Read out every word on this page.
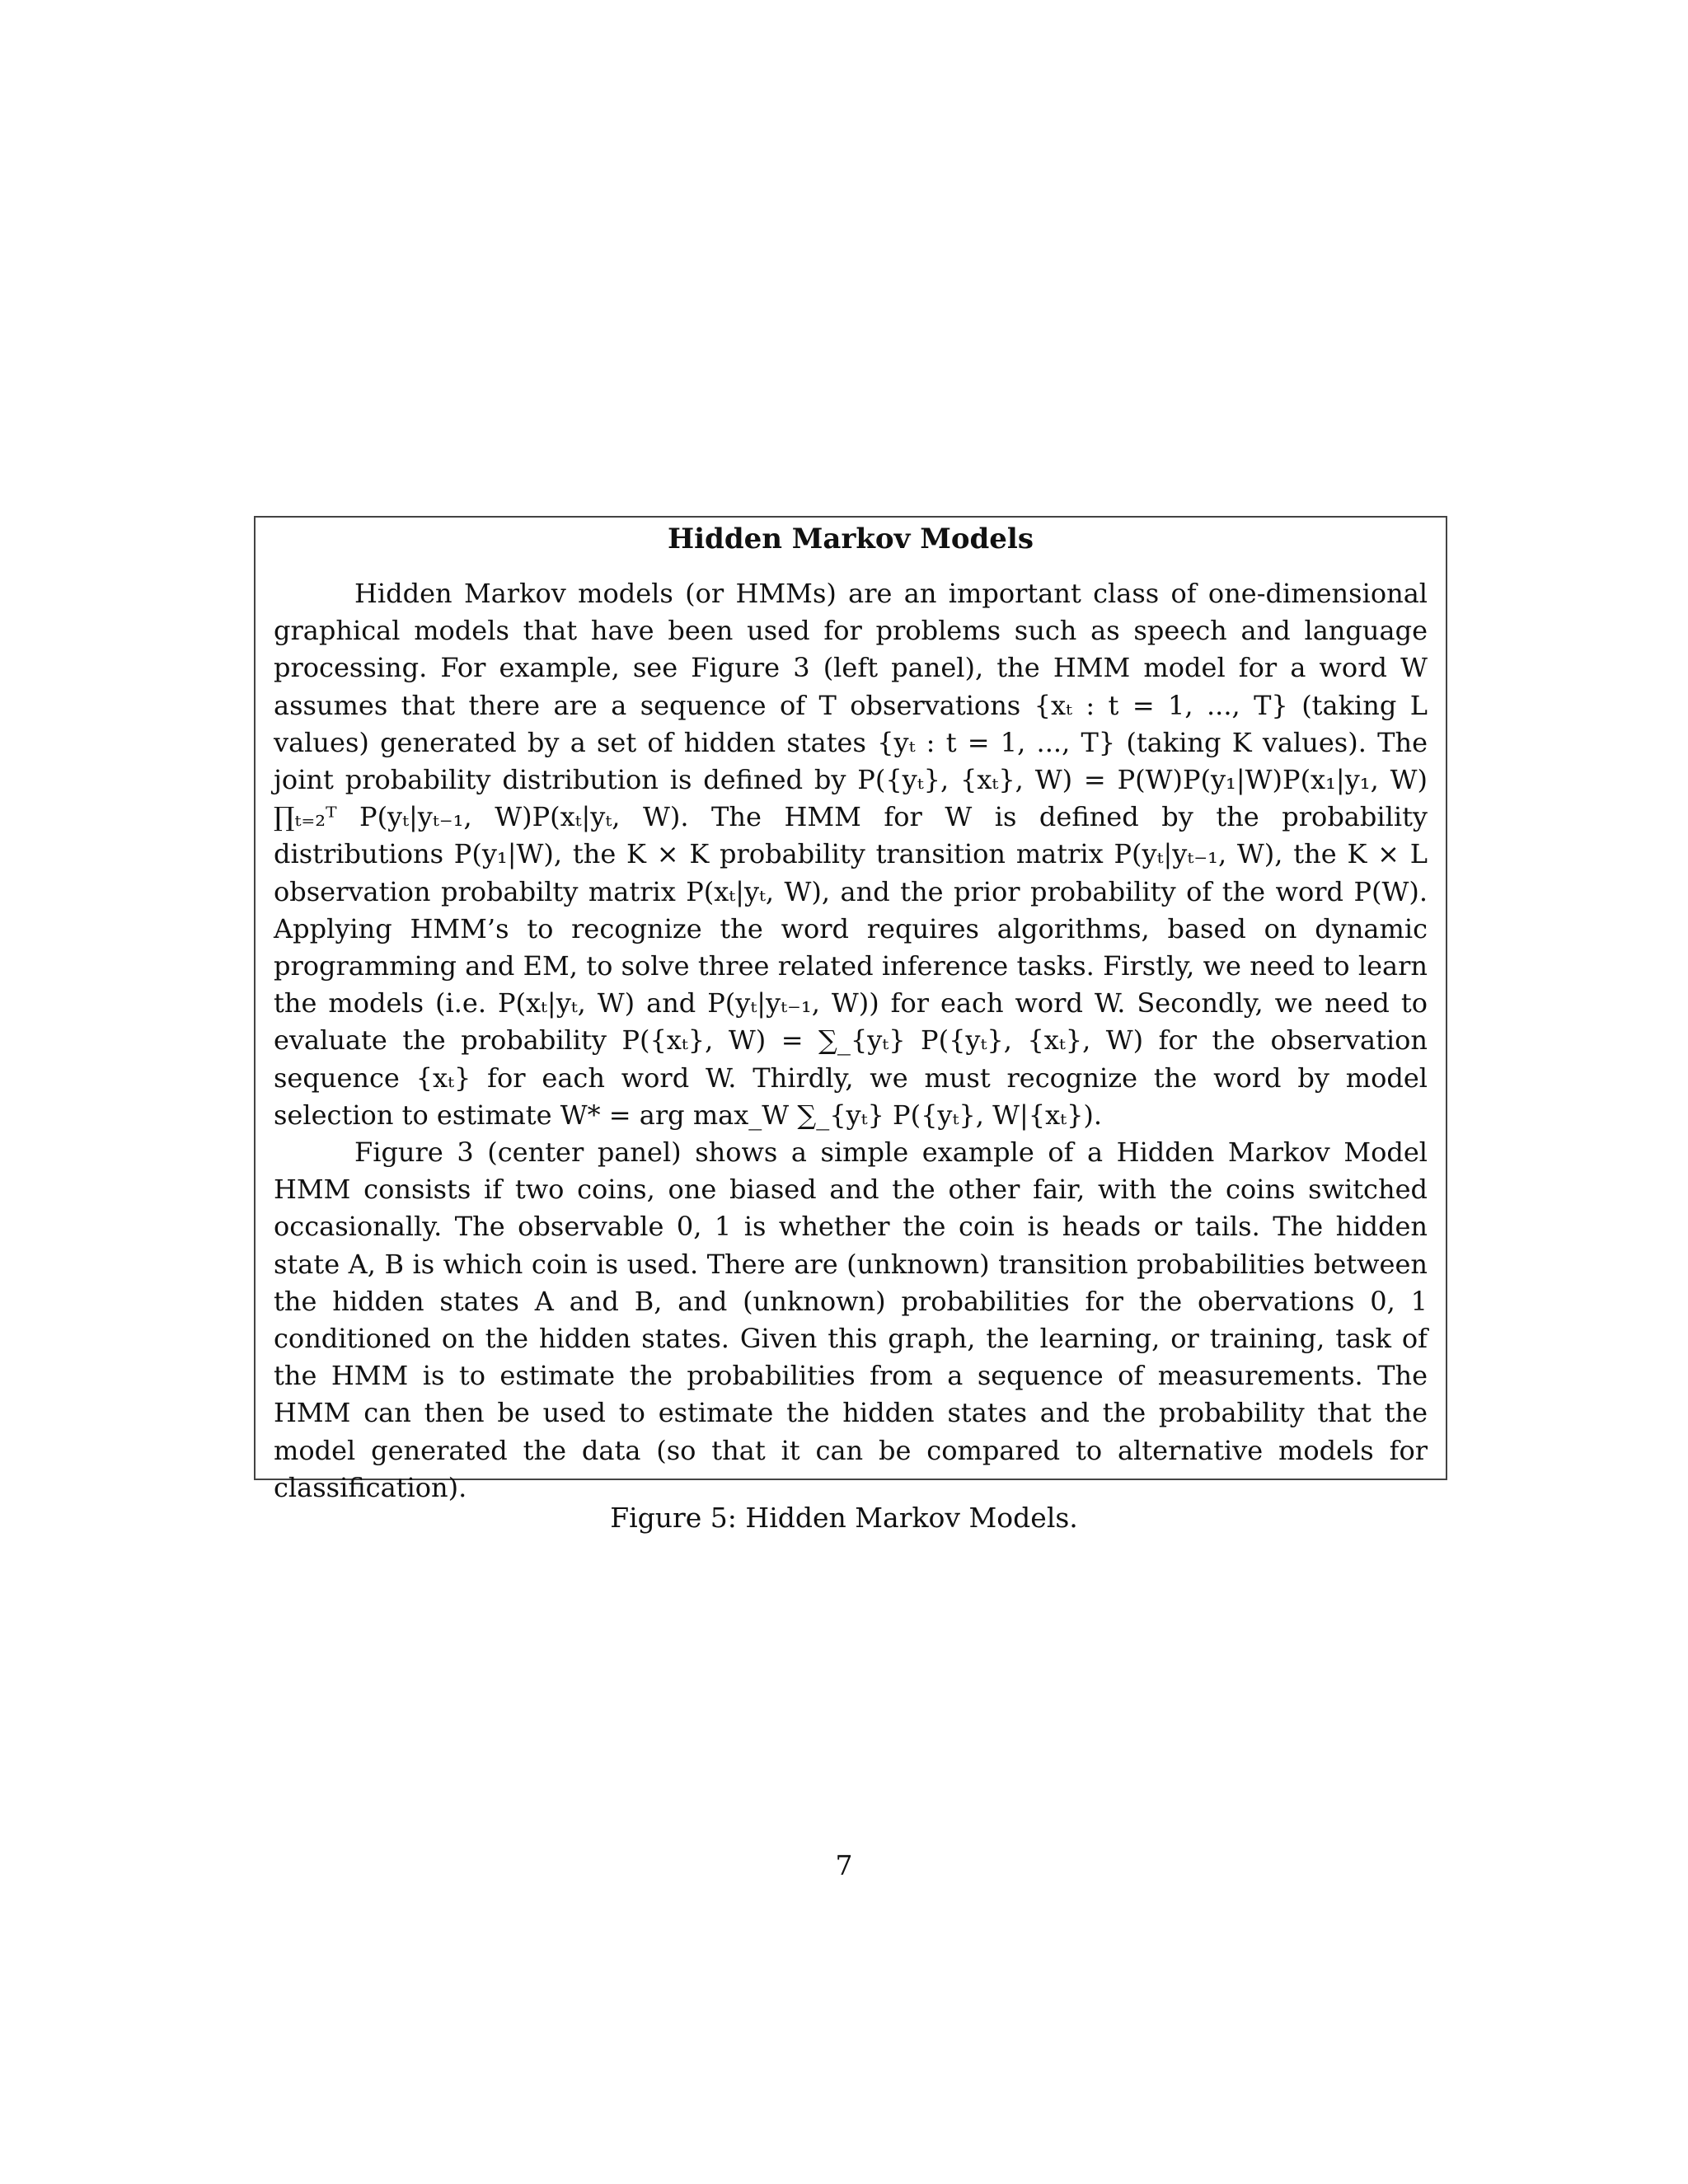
Hidden Markov Models

Hidden Markov models (or HMMs) are an important class of one-dimensional graphical models that have been used for problems such as speech and language processing. For example, see Figure 3 (left panel), the HMM model for a word W assumes that there are a sequence of T observations {xₜ : t = 1, ..., T} (taking L values) generated by a set of hidden states {yₜ : t = 1, ..., T} (taking K values). The joint probability distribution is defined by P({yₜ}, {xₜ}, W) = P(W)P(y₁|W)P(x₁|y₁, W) ∏ₜ₌₂ᵀ P(yₜ|yₜ₋₁, W)P(xₜ|yₜ, W). The HMM for W is defined by the probability distributions P(y₁|W), the K × K probability transition matrix P(yₜ|yₜ₋₁, W), the K × L observation probabilty matrix P(xₜ|yₜ, W), and the prior probability of the word P(W). Applying HMM’s to recognize the word requires algorithms, based on dynamic programming and EM, to solve three related inference tasks. Firstly, we need to learn the models (i.e. P(xₜ|yₜ, W) and P(yₜ|yₜ₋₁, W)) for each word W. Secondly, we need to evaluate the probability P({xₜ}, W) = ∑_{yₜ} P({yₜ}, {xₜ}, W) for the observation sequence {xₜ} for each word W. Thirdly, we must recognize the word by model selection to estimate W* = arg max_W ∑_{yₜ} P({yₜ}, W|{xₜ}).

Figure 3 (center panel) shows a simple example of a Hidden Markov Model HMM consists if two coins, one biased and the other fair, with the coins switched occasionally. The observable 0, 1 is whether the coin is heads or tails. The hidden state A, B is which coin is used. There are (unknown) transition probabilities between the hidden states A and B, and (unknown) probabilities for the obervations 0, 1 conditioned on the hidden states. Given this graph, the learning, or training, task of the HMM is to estimate the probabilities from a sequence of measurements. The HMM can then be used to estimate the hidden states and the probability that the model generated the data (so that it can be compared to alternative models for classification).

Figure 5: Hidden Markov Models.
7
